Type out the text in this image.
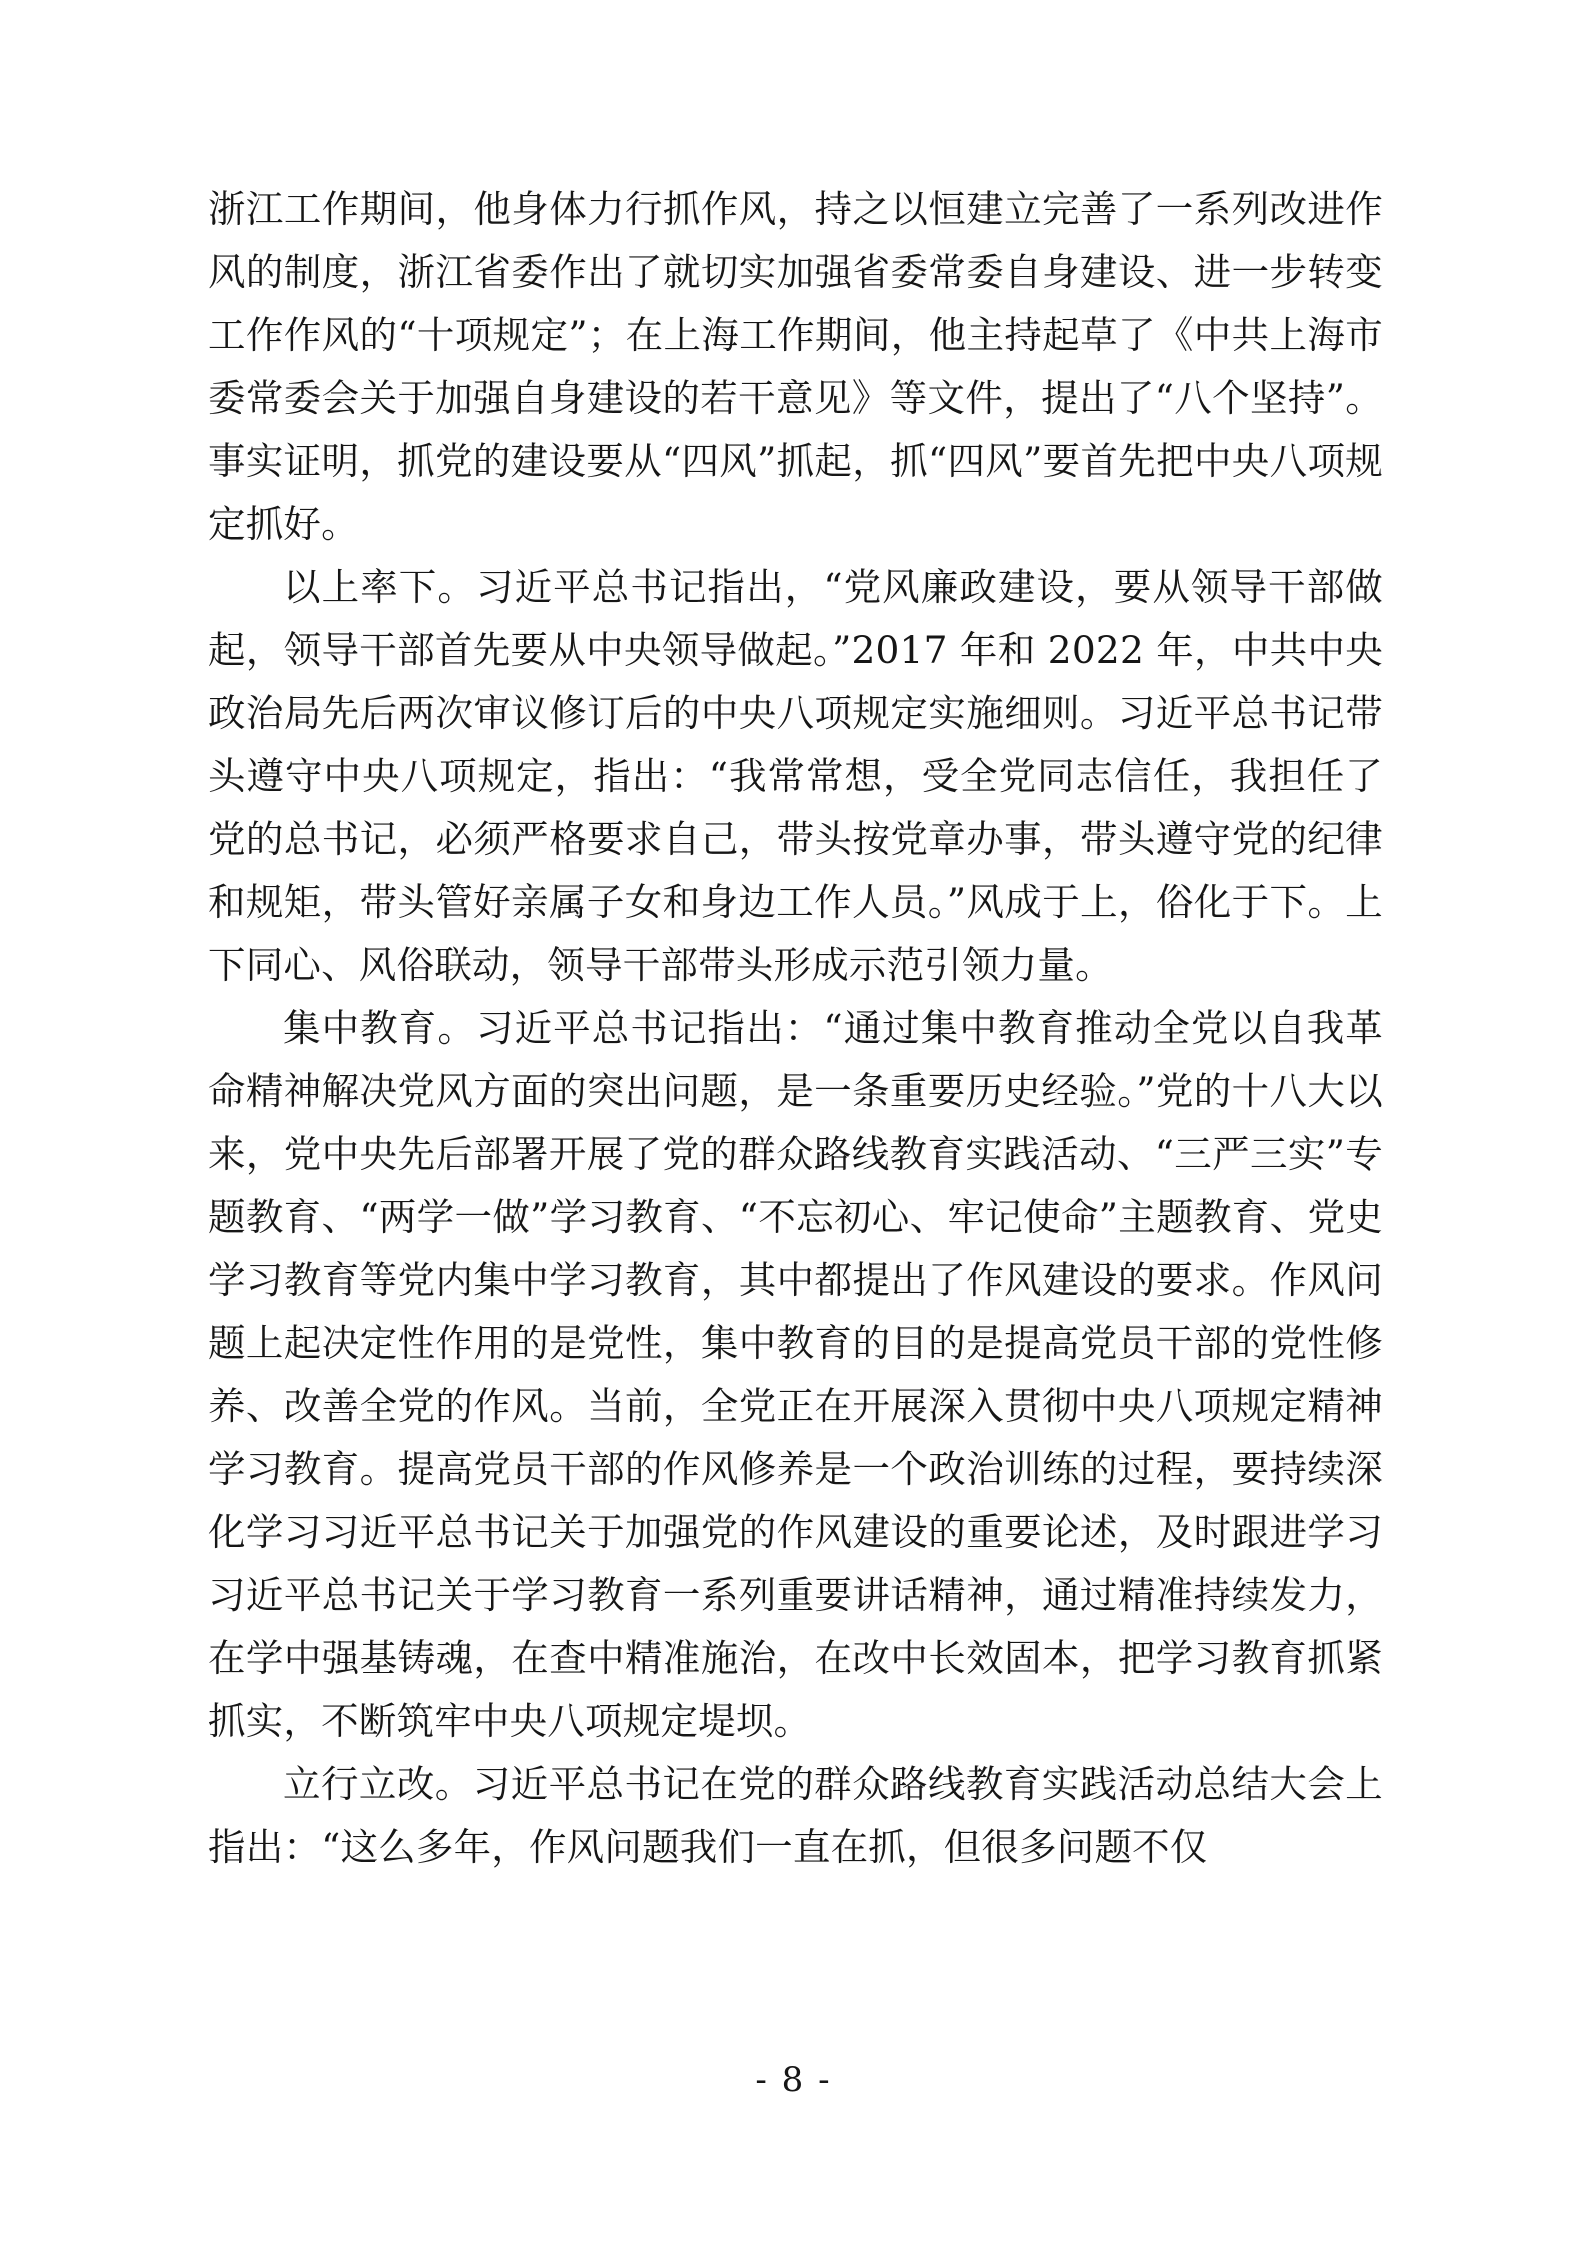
浙江工作期间，他身体力行抓作风，持之以恒建立完善了一系列改进作风的制度，浙江省委作出了就切实加强省委常委自身建设、进一步转变工作作风的“十项规定”；在上海工作期间，他主持起草了《中共上海市委常委会关于加强自身建设的若干意见》等文件，提出了“八个坚持”。事实证明，抓党的建设要从“四风”抓起，抓“四风”要首先把中央八项规定抓好。

以上率下。习近平总书记指出，“党风廉政建设，要从领导干部做起，领导干部首先要从中央领导做起。”2017 年和 2022 年，中共中央政治局先后两次审议修订后的中央八项规定实施细则。习近平总书记带头遵守中央八项规定，指出：“我常常想，受全党同志信任，我担任了党的总书记，必须严格要求自己，带头按党章办事，带头遵守党的纪律和规矩，带头管好亲属子女和身边工作人员。”风成于上，俗化于下。上下同心、风俗联动，领导干部带头形成示范引领力量。

集中教育。习近平总书记指出：“通过集中教育推动全党以自我革命精神解决党风方面的突出问题，是一条重要历史经验。”党的十八大以来，党中央先后部署开展了党的群众路线教育实践活动、“三严三实”专题教育、“两学一做”学习教育、“不忘初心、牢记使命”主题教育、党史学习教育等党内集中学习教育，其中都提出了作风建设的要求。作风问题上起决定性作用的是党性，集中教育的目的是提高党员干部的党性修养、改善全党的作风。当前，全党正在开展深入贯彻中央八项规定精神学习教育。提高党员干部的作风修养是一个政治训练的过程，要持续深化学习习近平总书记关于加强党的作风建设的重要论述，及时跟进学习习近平总书记关于学习教育一系列重要讲话精神，通过精准持续发力，在学中强基铸魂，在查中精准施治，在改中长效固本，把学习教育抓紧抓实，不断筑牢中央八项规定堤坝。

立行立改。习近平总书记在党的群众路线教育实践活动总结大会上指出：“这么多年，作风问题我们一直在抓，但很多问题不仅

- 8 -
